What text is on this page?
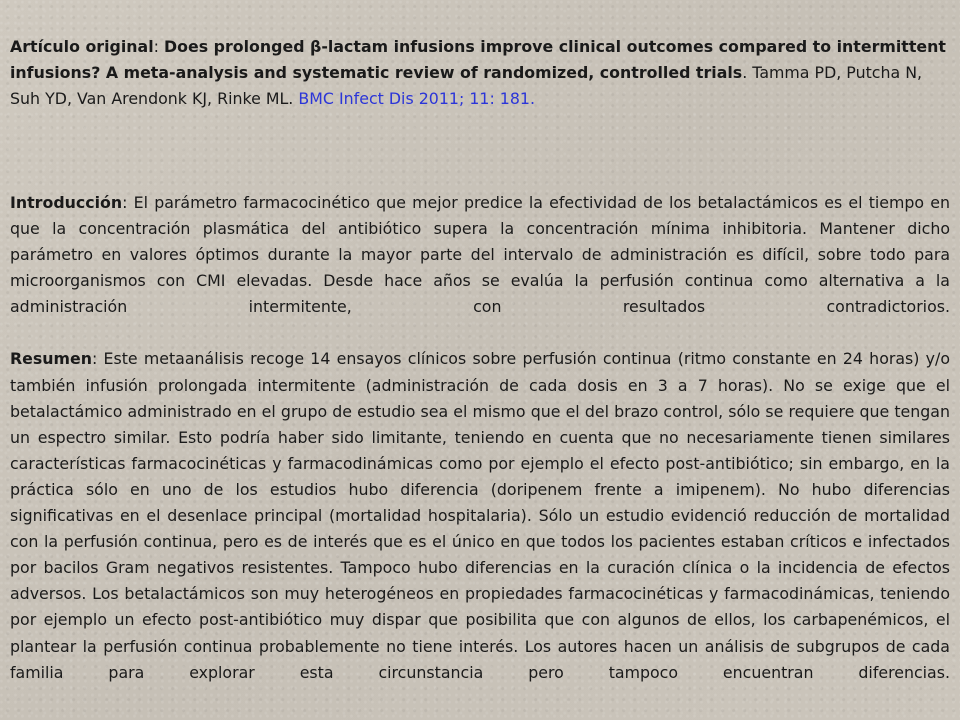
Artículo original: Does prolonged β-lactam infusions improve clinical outcomes compared to intermittent infusions? A meta-analysis and systematic review of randomized, controlled trials. Tamma PD, Putcha N, Suh YD, Van Arendonk KJ, Rinke ML. BMC Infect Dis 2011; 11: 181.

Introducción: El parámetro farmacocinético que mejor predice la efectividad de los betalactámicos es el tiempo en que la concentración plasmática del antibiótico supera la concentración mínima inhibitoria. Mantener dicho parámetro en valores óptimos durante la mayor parte del intervalo de administración es difícil, sobre todo para microorganismos con CMI elevadas. Desde hace años se evalúa la perfusión continua como alternativa a la administración intermitente, con resultados contradictorios.

Resumen: Este metaanálisis recoge 14 ensayos clínicos sobre perfusión continua (ritmo constante en 24 horas) y/o también infusión prolongada intermitente (administración de cada dosis en 3 a 7 horas). No se exige que el betalactámico administrado en el grupo de estudio sea el mismo que el del brazo control, sólo se requiere que tengan un espectro similar. Esto podría haber sido limitante, teniendo en cuenta que no necesariamente tienen similares características farmacocinéticas y farmacodinámicas como por ejemplo el efecto post-antibiótico; sin embargo, en la práctica sólo en uno de los estudios hubo diferencia (doripenem frente a imipenem). No hubo diferencias significativas en el desenlace principal (mortalidad hospitalaria). Sólo un estudio evidenció reducción de mortalidad con la perfusión continua, pero es de interés que es el único en que todos los pacientes estaban críticos e infectados por bacilos Gram negativos resistentes. Tampoco hubo diferencias en la curación clínica o la incidencia de efectos adversos. Los betalactámicos son muy heterogéneos en propiedades farmacocinéticas y farmacodinámicas, teniendo por ejemplo un efecto post-antibiótico muy dispar que posibilita que con algunos de ellos, los carbapenémicos, el plantear la perfusión continua probablemente no tiene interés. Los autores hacen un análisis de subgrupos de cada familia para explorar esta circunstancia pero tampoco encuentran diferencias.
